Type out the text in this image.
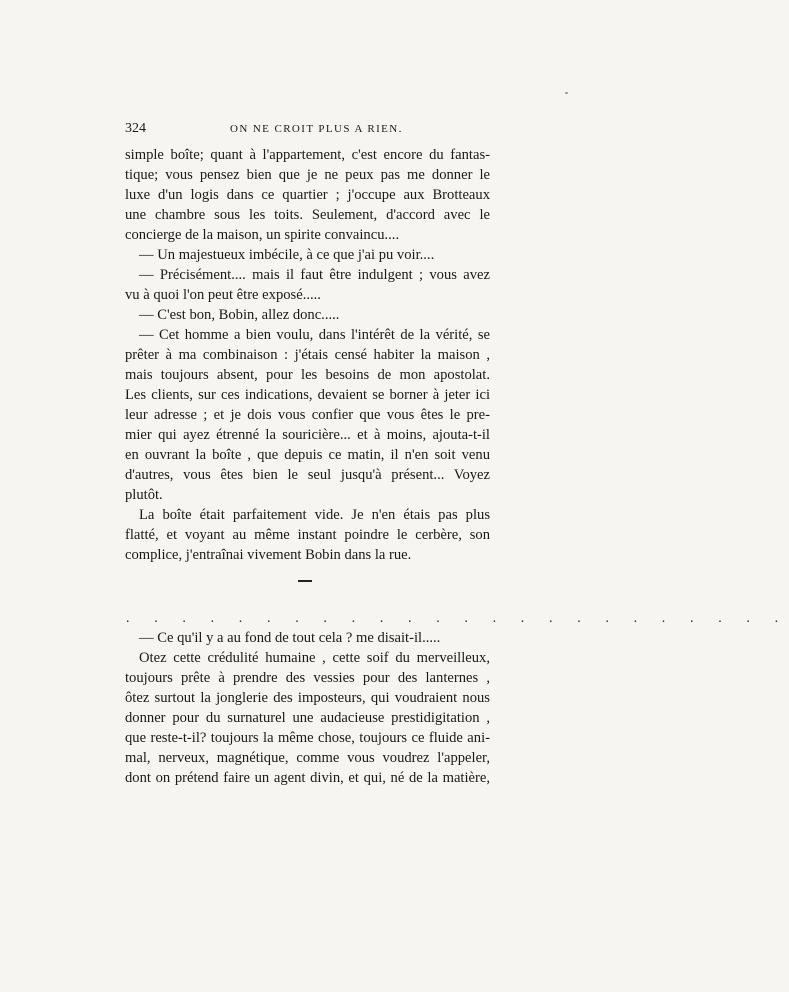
324	ON NE CROIT PLUS A RIEN.
simple boîte; quant à l'appartement, c'est encore du fantas-
tique; vous pensez bien que je ne peux pas me donner le
luxe d'un logis dans ce quartier ; j'occupe aux Brotteaux
une chambre sous les toits. Seulement, d'accord avec le
concierge de la maison, un spirite convaincu....
— Un majestueux imbécile, à ce que j'ai pu voir....
— Précisément.... mais il faut être indulgent ; vous avez
vu à quoi l'on peut être exposé.....
— C'est bon, Bobin, allez donc.....
— Cet homme a bien voulu, dans l'intérêt de la vérité, se
prêter à ma combinaison : j'étais censé habiter la maison ,
mais toujours absent, pour les besoins de mon apostolat.
Les clients, sur ces indications, devaient se borner à jeter ici
leur adresse ; et je dois vous confier que vous êtes le pre-
mier qui ayez étrenné la souricière... et à moins, ajouta-t-il
en ouvrant la boîte , que depuis ce matin, il n'en soit venu
d'autres, vous êtes bien le seul jusqu'à présent... Voyez
plutôt.
La boîte était parfaitement vide. Je n'en étais pas plus
flatté, et voyant au même instant poindre le cerbère, son
complice, j'entraînai vivement Bobin dans la rue.
. . . . . . . . . . . . . . . . . . . . . . . .
— Ce qu'il y a au fond de tout cela ? me disait-il.....
Otez cette crédulité humaine , cette soif du merveilleux,
toujours prête à prendre des vessies pour des lanternes ,
ôtez surtout la jonglerie des imposteurs, qui voudraient nous
donner pour du surnaturel une audacieuse prestidigitation ,
que reste-t-il? toujours la même chose, toujours ce fluide ani-
mal, nerveux, magnétique, comme vous voudrez l'appeler,
dont on prétend faire un agent divin, et qui, né de la matière,
